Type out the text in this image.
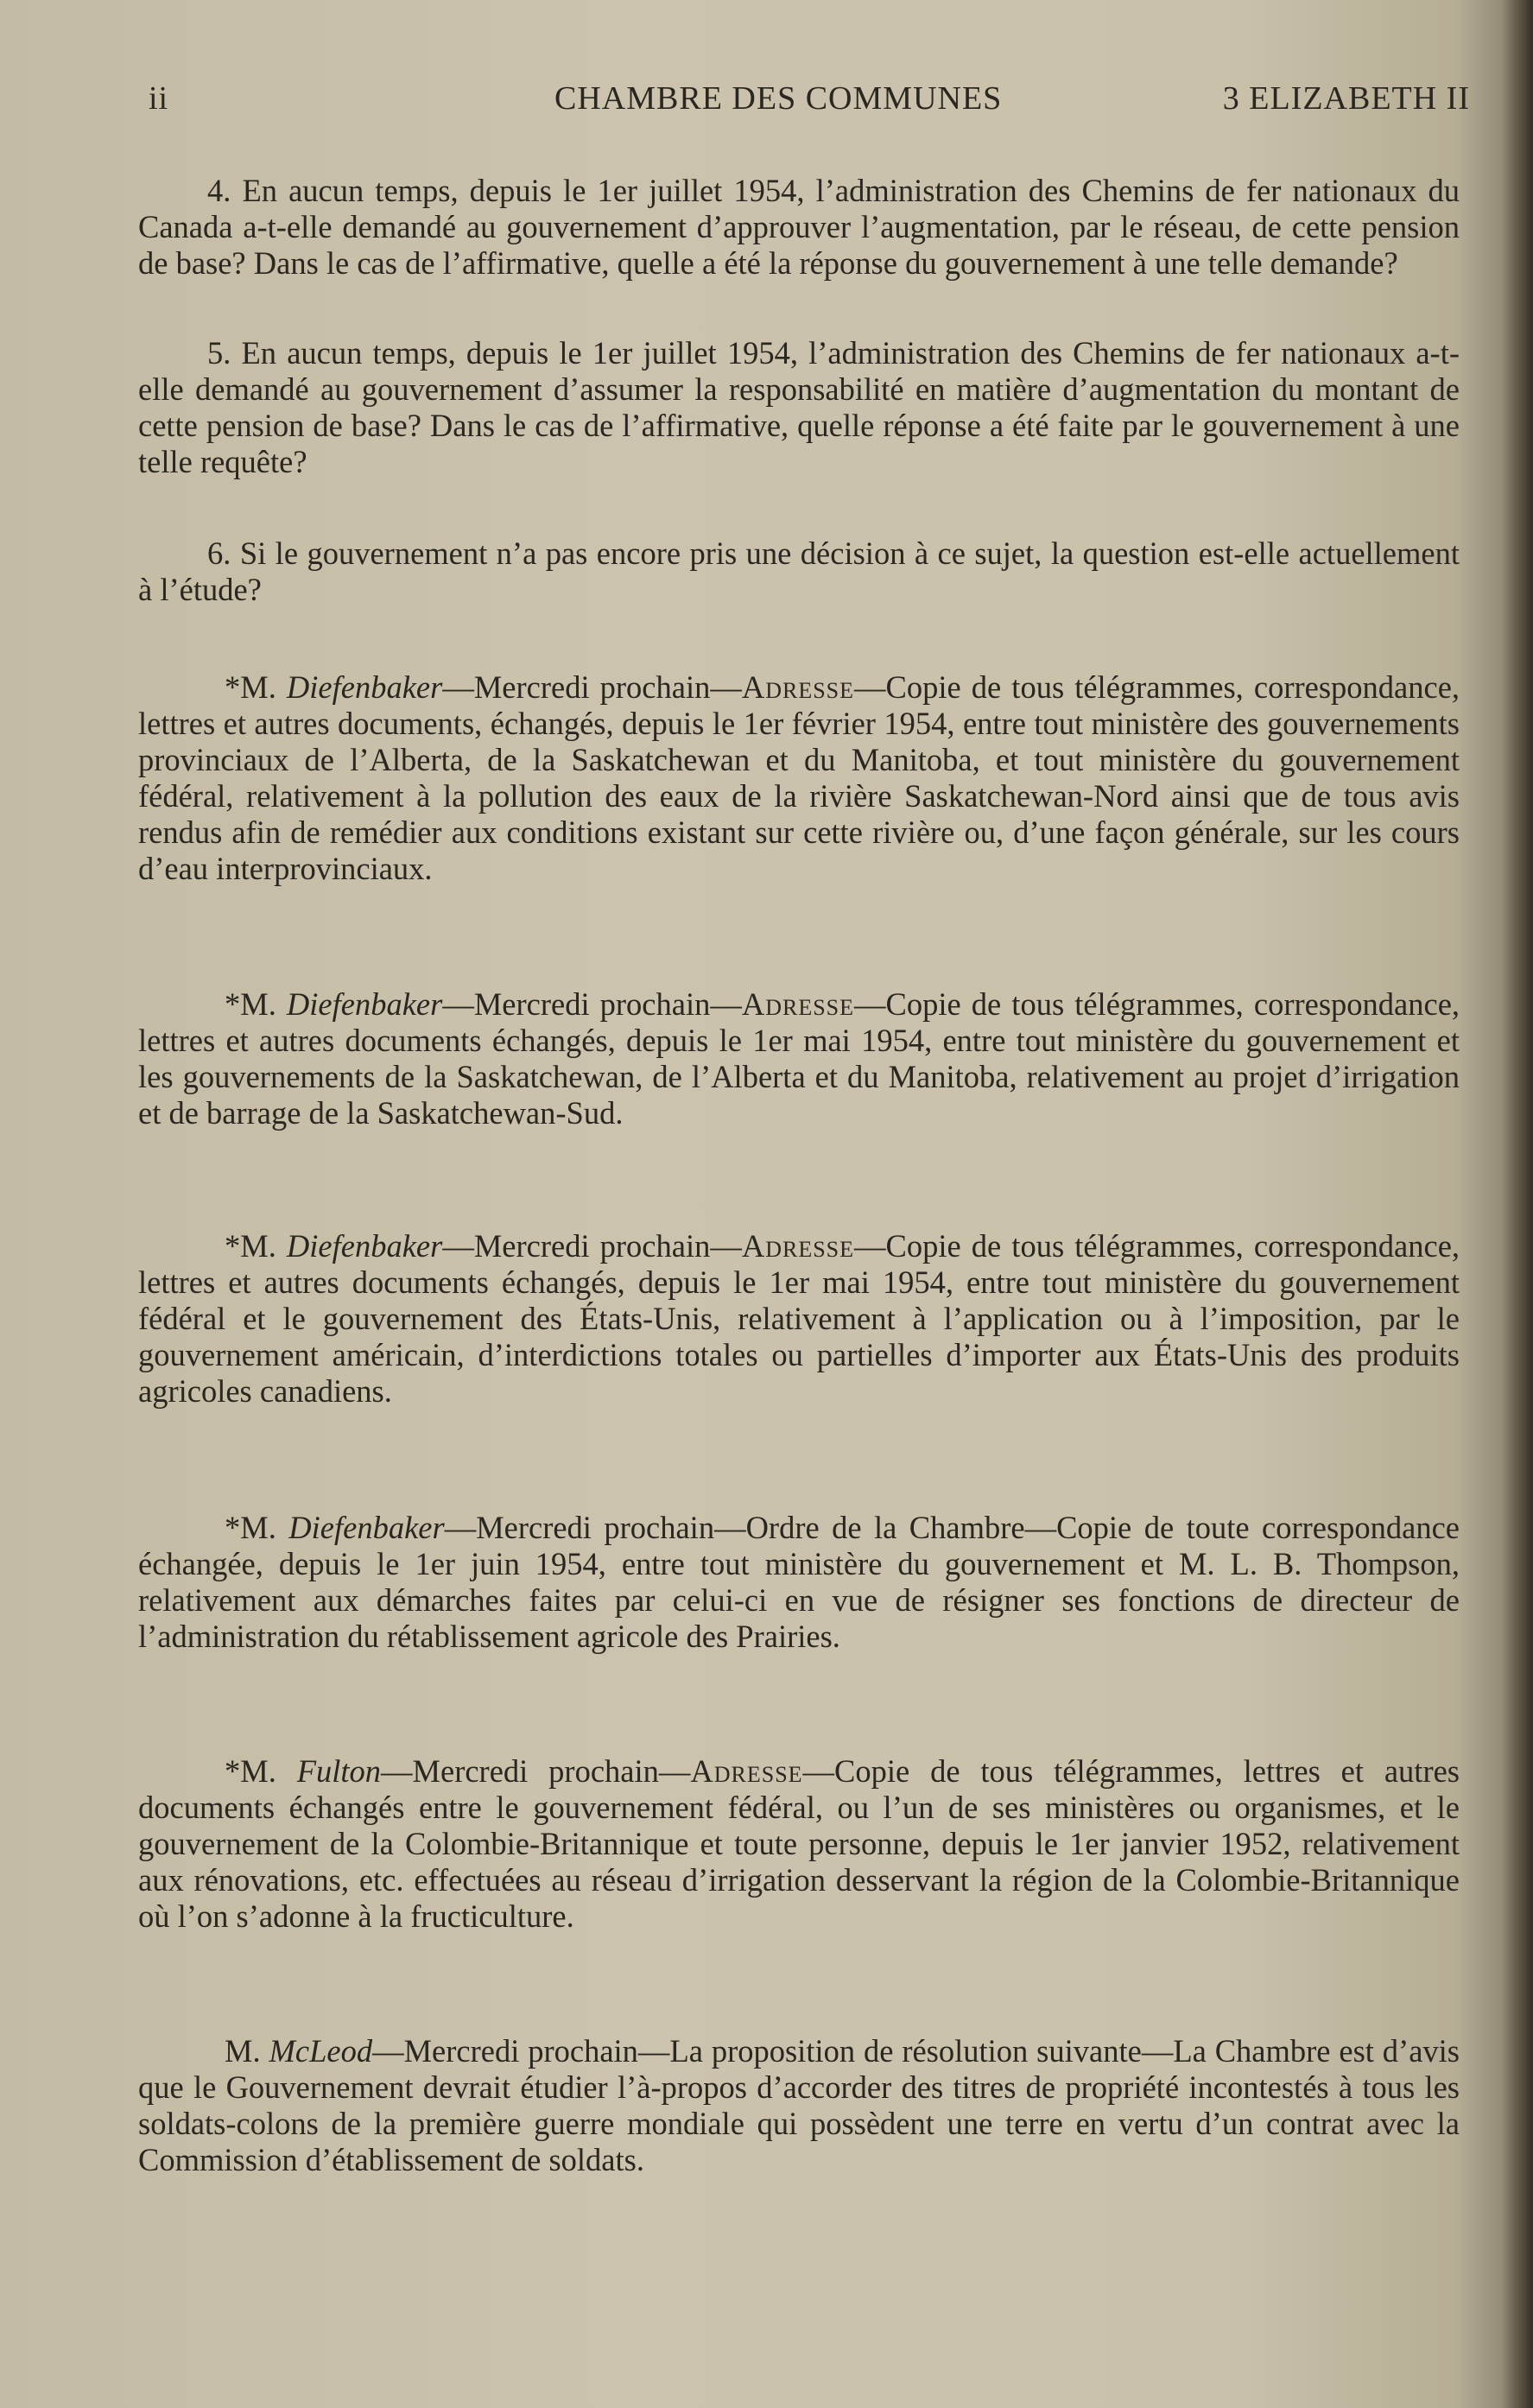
ii	CHAMBRE DES COMMUNES	3 ELIZABETH II

4. En aucun temps, depuis le 1er juillet 1954, l’administration des Chemins de fer nationaux du Canada a-t-elle demandé au gouvernement d’approuver l’augmentation, par le réseau, de cette pension de base? Dans le cas de l’affirmative, quelle a été la réponse du gouvernement à une telle demande?

5. En aucun temps, depuis le 1er juillet 1954, l’administration des Chemins de fer nationaux a-t-elle demandé au gouvernement d’assumer la responsabilité en matière d’augmentation du montant de cette pension de base? Dans le cas de l’affirmative, quelle réponse a été faite par le gouvernement à une telle requête?

6. Si le gouvernement n’a pas encore pris une décision à ce sujet, la question est-elle actuellement à l’étude?

*M. Diefenbaker—Mercredi prochain—Adresse—Copie de tous télégrammes, correspondance, lettres et autres documents, échangés, depuis le 1er février 1954, entre tout ministère des gouvernements provinciaux de l’Alberta, de la Saskatchewan et du Manitoba, et tout ministère du gouvernement fédéral, relativement à la pollution des eaux de la rivière Saskatchewan-Nord ainsi que de tous avis rendus afin de remédier aux conditions existant sur cette rivière ou, d’une façon générale, sur les cours d’eau interprovinciaux.

*M. Diefenbaker—Mercredi prochain—Adresse—Copie de tous télégrammes, correspondance, lettres et autres documents échangés, depuis le 1er mai 1954, entre tout ministère du gouvernement et les gouvernements de la Saskatchewan, de l’Alberta et du Manitoba, relativement au projet d’irrigation et de barrage de la Saskatchewan-Sud.

*M. Diefenbaker—Mercredi prochain—Adresse—Copie de tous télégrammes, correspondance, lettres et autres documents échangés, depuis le 1er mai 1954, entre tout ministère du gouvernement fédéral et le gouvernement des États-Unis, relativement à l’application ou à l’imposition, par le gouvernement américain, d’interdictions totales ou partielles d’importer aux États-Unis des produits agricoles canadiens.

*M. Diefenbaker—Mercredi prochain—Ordre de la Chambre—Copie de toute correspondance échangée, depuis le 1er juin 1954, entre tout ministère du gouvernement et M. L. B. Thompson, relativement aux démarches faites par celui-ci en vue de résigner ses fonctions de directeur de l’administration du rétablissement agricole des Prairies.

*M. Fulton—Mercredi prochain—Adresse—Copie de tous télégrammes, lettres et autres documents échangés entre le gouvernement fédéral, ou l’un de ses ministères ou organismes, et le gouvernement de la Colombie-Britannique et toute personne, depuis le 1er janvier 1952, relativement aux rénovations, etc. effectuées au réseau d’irrigation desservant la région de la Colombie-Britannique où l’on s’adonne à la fructiculture.

M. McLeod—Mercredi prochain—La proposition de résolution suivante—La Chambre est d’avis que le Gouvernement devrait étudier l’à-propos d’accorder des titres de propriété incontestés à tous les soldats-colons de la première guerre mondiale qui possèdent une terre en vertu d’un contrat avec la Commission d’établissement de soldats.
